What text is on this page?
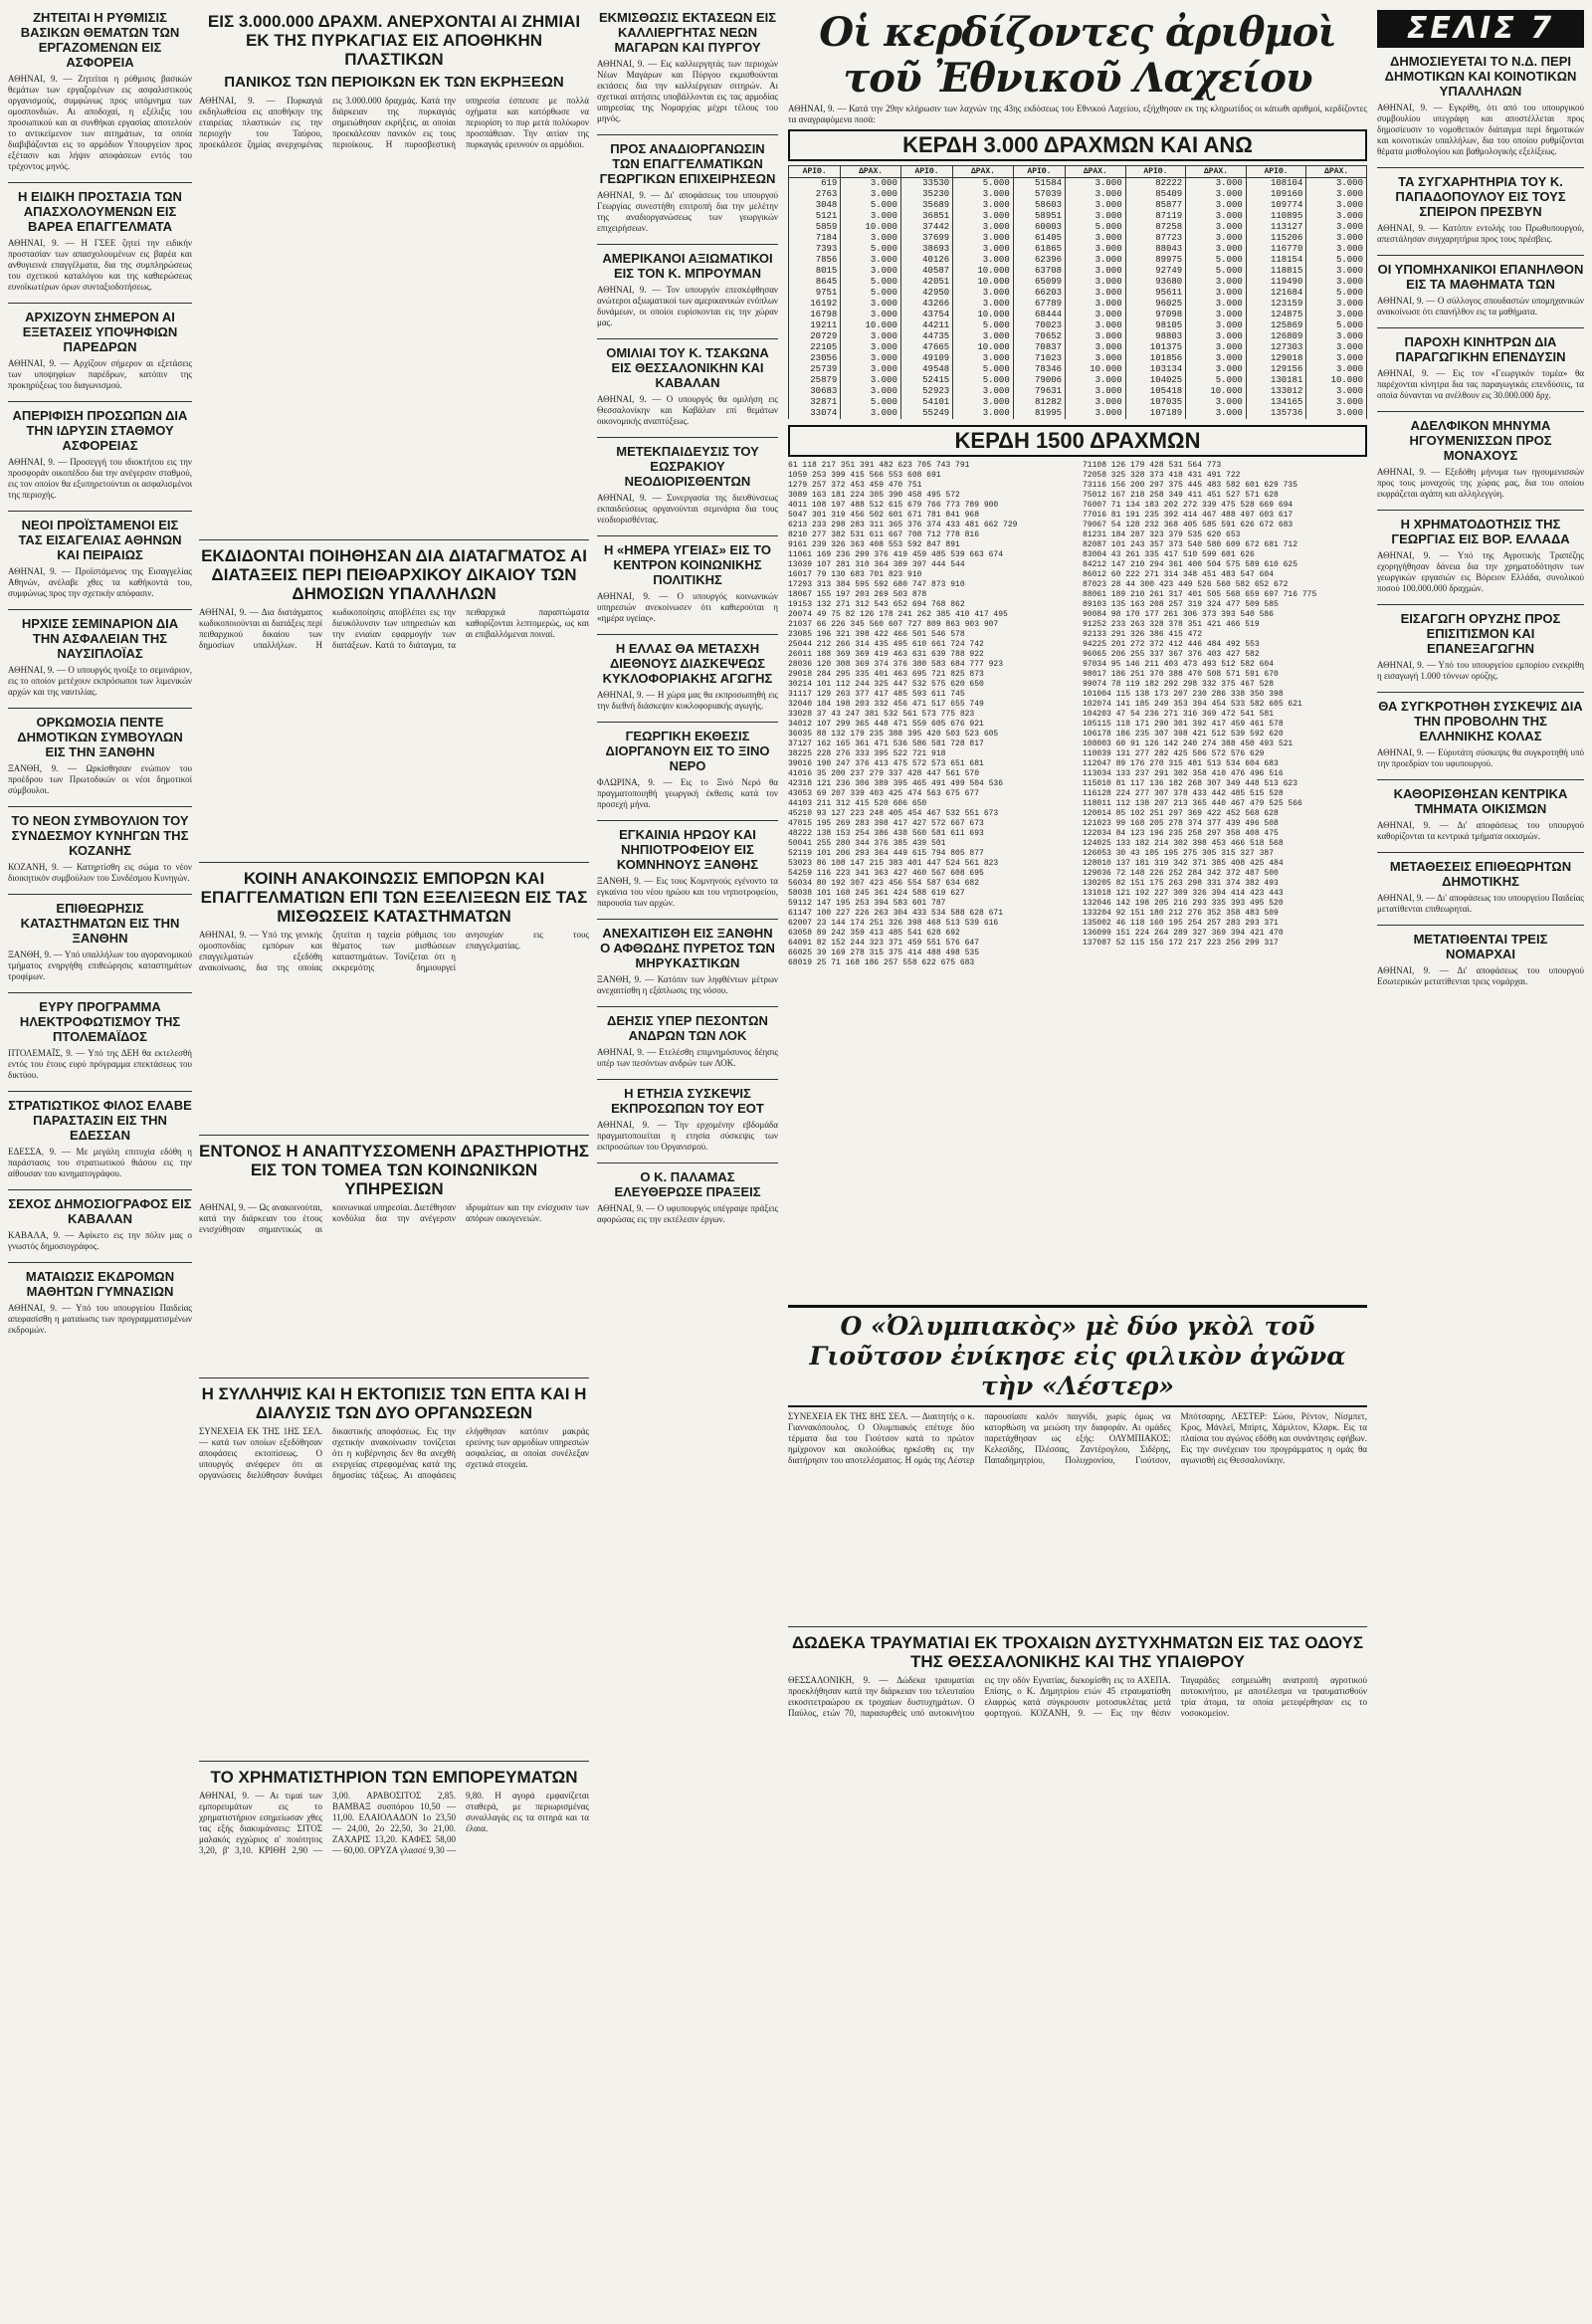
ΖΗΤΕΙΤΑΙ Η ΡΥΘΜΙΣΙΣ ΒΑΣΙΚΩΝ ΘΕΜΑΤΩΝ ΤΩΝ ΕΡΓΑΖΟΜΕΝΩΝ ΕΙΣ ΑΣΦΟΡΕΙΑ

ΑΘΗΝΑΙ, 9. — Ζητείται η ρύθμισις βασικών θεμάτων των εργαζομένων εις ασφαλιστικούς οργανισμούς, συμφώνως προς υπόμνημα των ομοσπονδιών. Αι αποδοχαί, η εξέλιξις του προσωπικού και αι συνθήκαι εργασίας αποτελούν το αντικείμενον των αιτημάτων, τα οποία διαβιβάζονται εις το αρμόδιον Υπουργείον προς εξέτασιν και λήψιν αποφάσεων εντός του τρέχοντος μηνός.

Η ΕΙΔΙΚΗ ΠΡΟΣΤΑΣΙΑ ΤΩΝ ΑΠΑΣΧΟΛΟΥΜΕΝΩΝ ΕΙΣ ΒΑΡΕΑ ΕΠΑΓΓΕΛΜΑΤΑ

ΑΘΗΝΑΙ, 9. — Η ΓΣΕΕ ζητεί την ειδικήν προστασίαν των απασχολουμένων εις βαρέα και ανθυγιεινά επαγγέλματα, δια της συμπληρώσεως του σχετικού καταλόγου και της καθιερώσεως ευνοϊκωτέρων όρων συνταξιοδοτήσεως.

ΑΡΧΙΖΟΥΝ ΣΗΜΕΡΟΝ ΑΙ ΕΞΕΤΑΣΕΙΣ ΥΠΟΨΗΦΙΩΝ ΠΑΡΕΔΡΩΝ

ΑΘΗΝΑΙ, 9. — Αρχίζουν σήμερον αι εξετάσεις των υποψηφίων παρέδρων, κατόπιν της προκηρύξεως του διαγωνισμού.

ΑΠΕΡΙΦΙΣΗ ΠΡΟΣΩΠΩΝ ΔΙΑ ΤΗΝ ΙΔΡΥΣΙΝ ΣΤΑΘΜΟΥ ΑΣΦΟΡΕΙΑΣ

ΑΘΗΝΑΙ, 9. — Προσεγγή του ιδιοκτήτου εις την προσφοράν οικοπέδου δια την ανέγερσιν σταθμού, εις τον οποίον θα εξυπηρετούνται οι ασφαλισμένοι της περιοχής.

ΝΕΟΙ ΠΡΟΪΣΤΑΜΕΝΟΙ ΕΙΣ ΤΑΣ ΕΙΣΑΓΕΛΙΑΣ ΑΘΗΝΩΝ ΚΑΙ ΠΕΙΡΑΙΩΣ

ΑΘΗΝΑΙ, 9. — Προϊστάμενος της Εισαγγελίας Αθηνών, ανέλαβε χθες τα καθήκοντά του, συμφώνως προς την σχετικήν απόφασιν.

ΗΡΧΙΣΕ ΣΕΜΙΝΑΡΙΟΝ ΔΙΑ ΤΗΝ ΑΣΦΑΛΕΙΑΝ ΤΗΣ ΝΑΥΣΙΠΛΟΪΑΣ

ΑΘΗΝΑΙ, 9. — Ο υπουργός ηνοίξε το σεμινάριον, εις το οποίον μετέχουν εκπρόσωποι των λιμενικών αρχών και της ναυτιλίας.

ΟΡΚΩΜΟΣΙΑ ΠΕΝΤΕ ΔΗΜΟΤΙΚΩΝ ΣΥΜΒΟΥΛΩΝ ΕΙΣ ΤΗΝ ΞΑΝΘΗΝ

ΞΑΝΘΗ, 9. — Ωρκίσθησαν ενώπιον του προέδρου των Πρωτοδικών οι νέοι δημοτικοί σύμβουλοι.

ΤΟ ΝΕΟΝ ΣΥΜΒΟΥΛΙΟΝ ΤΟΥ ΣΥΝΔΕΣΜΟΥ ΚΥΝΗΓΩΝ ΤΗΣ ΚΟΖΑΝΗΣ

ΚΟΖΑΝΗ, 9. — Κατηρτίσθη εις σώμα το νέον διοικητικόν συμβούλιον του Συνδέσμου Κυνηγών.

ΕΠΙΘΕΩΡΗΣΙΣ ΚΑΤΑΣΤΗΜΑΤΩΝ ΕΙΣ ΤΗΝ ΞΑΝΘΗΝ

ΞΑΝΘΗ, 9. — Υπό υπαλλήλων του αγορανομικού τμήματος ενηργήθη επιθεώρησις καταστημάτων τροφίμων.

ΕΥΡΥ ΠΡΟΓΡΑΜΜΑ ΗΛΕΚΤΡΟΦΩΤΙΣΜΟΥ ΤΗΣ ΠΤΟΛΕΜΑΪΔΟΣ

ΠΤΟΛΕΜΑΪΣ, 9. — Υπό της ΔΕΗ θα εκτελεσθή εντός του έτους ευρύ πρόγραμμα επεκτάσεως του δικτύου.

ΣΤΡΑΤΙΩΤΙΚΟΣ ΦΙΛΟΣ ΕΛΑΒΕ ΠΑΡΑΣΤΑΣΙΝ ΕΙΣ ΤΗΝ ΕΔΕΣΣΑΝ

ΕΔΕΣΣΑ, 9. — Με μεγάλη επιτυχία εδόθη η παράστασις του στρατιωτικού θιάσου εις την αίθουσαν του κινηματογράφου.

ΣΕΧΟΣ ΔΗΜΟΣΙΟΓΡΑΦΟΣ ΕΙΣ ΚΑΒΑΛΑΝ

ΚΑΒΑΛΑ, 9. — Αφίκετο εις την πόλιν μας ο γνωστός δημοσιογράφος.

ΜΑΤΑΙΩΣΙΣ ΕΚΔΡΟΜΩΝ ΜΑΘΗΤΩΝ ΓΥΜΝΑΣΙΩΝ

ΑΘΗΝΑΙ, 9. — Υπό του υπουργείου Παιδείας απεφασίσθη η ματαίωσις των προγραμματισμένων εκδρομών.

ΕΙΣ 3.000.000 ΔΡΑΧΜ. ΑΝΕΡΧΟΝΤΑΙ ΑΙ ΖΗΜΙΑΙ ΕΚ ΤΗΣ ΠΥΡΚΑΓΙΑΣ ΕΙΣ ΑΠΟΘΗΚΗΝ ΠΛΑΣΤΙΚΩΝ
ΠΑΝΙΚΟΣ ΤΩΝ ΠΕΡΙΟΙΚΩΝ ΕΚ ΤΩΝ ΕΚΡΗΞΕΩΝ
ΑΘΗΝΑΙ, 9. — Πυρκαγιά εκδηλωθείσα εις αποθήκην της εταιρείας πλαστικών εις την περιοχήν του Ταύρου, προεκάλεσε ζημίας ανερχομένας εις 3.000.000 δραχμάς. Κατά την διάρκειαν της πυρκαγιάς σημειώθησαν εκρήξεις, αι οποίαι προεκάλεσαν πανικόν εις τους περιοίκους. Η πυροσβεστική υπηρεσία έσπευσε με πολλά οχήματα και κατόρθωσε να περιορίση το πυρ μετά πολύωρον προσπάθειαν. Την αιτίαν της πυρκαγιάς ερευνούν οι αρμόδιοι.
ΕΚΔΙΔΟΝΤΑΙ ΠΟΙΗΘΗΣΑΝ ΔΙΑ ΔΙΑΤΑΓΜΑΤΟΣ ΑΙ ΔΙΑΤΑΞΕΙΣ ΠΕΡΙ ΠΕΙΘΑΡΧΙΚΟΥ ΔΙΚΑΙΟΥ ΤΩΝ ΔΗΜΟΣΙΩΝ ΥΠΑΛΛΗΛΩΝ
ΑΘΗΝΑΙ, 9. — Δια διατάγματος κωδικοποιούνται αι διατάξεις περί πειθαρχικού δικαίου των δημοσίων υπαλλήλων. Η κωδικοποίησις αποβλέπει εις την διευκόλυνσιν των υπηρεσιών και την ενιαίαν εφαρμογήν των διατάξεων. Κατά το διάταγμα, τα πειθαρχικά παραπτώματα καθορίζονται λεπτομερώς, ως και αι επιβαλλόμεναι ποιναί.
ΚΟΙΝΗ ΑΝΑΚΟΙΝΩΣΙΣ ΕΜΠΟΡΩΝ ΚΑΙ ΕΠΑΓΓΕΛΜΑΤΙΩΝ ΕΠΙ ΤΩΝ ΕΞΕΛΙΞΕΩΝ ΕΙΣ ΤΑΣ ΜΙΣΘΩΣΕΙΣ ΚΑΤΑΣΤΗΜΑΤΩΝ
ΑΘΗΝΑΙ, 9. — Υπό της γενικής ομοσπονδίας εμπόρων και επαγγελματιών εξεδόθη ανακοίνωσις, δια της οποίας ζητείται η ταχεία ρύθμισις του θέματος των μισθώσεων καταστημάτων. Τονίζεται ότι η εκκρεμότης δημιουργεί ανησυχίαν εις τους επαγγελματίας.
ΕΝΤΟΝΟΣ Η ΑΝΑΠΤΥΣΣΟΜΕΝΗ ΔΡΑΣΤΗΡΙΟΤΗΣ ΕΙΣ ΤΟΝ ΤΟΜΕΑ ΤΩΝ ΚΟΙΝΩΝΙΚΩΝ ΥΠΗΡΕΣΙΩΝ
ΑΘΗΝΑΙ, 9. — Ως ανακοινούται, κατά την διάρκειαν του έτους ενισχύθησαν σημαντικώς αι κοινωνικαί υπηρεσίαι. Διετέθησαν κονδύλια δια την ανέγερσιν ιδρυμάτων και την ενίσχυσιν των απόρων οικογενειών.
Η ΣΥΛΛΗΨΙΣ ΚΑΙ Η ΕΚΤΟΠΙΣΙΣ ΤΩΝ ΕΠΤΑ ΚΑΙ Η ΔΙΑΛΥΣΙΣ ΤΩΝ ΔΥΟ ΟΡΓΑΝΩΣΕΩΝ
ΣΥΝΕΧΕΙΑ ΕΚ ΤΗΣ 1ΗΣ ΣΕΛ. — κατά των οποίων εξεδόθησαν αποφάσεις εκτοπίσεως. Ο υπουργός ανέφερεν ότι αι οργανώσεις διελύθησαν δυνάμει δικαστικής αποφάσεως. Εις την σχετικήν ανακοίνωσιν τονίζεται ότι η κυβέρνησις δεν θα ανεχθή ενεργείας στρεφομένας κατά της δημοσίας τάξεως. Αι αποφάσεις ελήφθησαν κατόπιν μακράς ερεύνης των αρμοδίων υπηρεσιών ασφαλείας, αι οποίαι συνέλεξαν σχετικά στοιχεία.
ΤΟ ΧΡΗΜΑΤΙΣΤΗΡΙΟΝ ΤΩΝ ΕΜΠΟΡΕΥΜΑΤΩΝ
ΑΘΗΝΑΙ, 9. — Αι τιμαί των εμπορευμάτων εις το χρηματιστήριον εσημείωσαν χθες τας εξής διακυμάνσεις: ΣΙΤΟΣ μαλακός εγχώριος α' ποιότητος 3,20, β' 3,10. ΚΡΙΘΗ 2,90 — 3,00. ΑΡΑΒΟΣΙΤΟΣ 2,85. ΒΑΜΒΑΞ συσπόρου 10,50 — 11,00. ΕΛΑΙΟΛΑΔΟΝ 1ο 23,50 — 24,00, 2ο 22,50, 3ο 21,00. ΖΑΧΑΡΙΣ 13,20. ΚΑΦΕΣ 58,00 — 60,00. ΟΡΥΖΑ γλασσέ 9,30 — 9,80. Η αγορά εμφανίζεται σταθερά, με περιωρισμένας συναλλαγάς εις τα σιτηρά και τα έλαια.
ΕΚΜΙΣΘΩΣΙΣ ΕΚΤΑΣΕΩΝ ΕΙΣ ΚΑΛΛΙΕΡΓΗΤΑΣ ΝΕΩΝ ΜΑΓΑΡΩΝ ΚΑΙ ΠΥΡΓΟΥ

ΑΘΗΝΑΙ, 9. — Εις καλλιεργητάς των περιοχών Νέων Μαγάρων και Πύργου εκμισθούνται εκτάσεις δια την καλλιέργειαν σιτηρών. Αι σχετικαί αιτήσεις υποβάλλονται εις τας αρμοδίας υπηρεσίας της Νομαρχίας μέχρι τέλους του μηνός.

ΠΡΟΣ ΑΝΑΔΙΟΡΓΑΝΩΣΙΝ ΤΩΝ ΕΠΑΓΓΕΛΜΑΤΙΚΩΝ ΓΕΩΡΓΙΚΩΝ ΕΠΙΧΕΙΡΗΣΕΩΝ

ΑΘΗΝΑΙ, 9. — Δι' αποφάσεως του υπουργού Γεωργίας συνεστήθη επιτροπή δια την μελέτην της αναδιοργανώσεως των γεωργικών επιχειρήσεων.

ΑΜΕΡΙΚΑΝΟΙ ΑΞΙΩΜΑΤΙΚΟΙ ΕΙΣ ΤΟΝ Κ. ΜΠΡΟΥΜΑΝ

ΑΘΗΝΑΙ, 9. — Τον υπουργόν επεσκέφθησαν ανώτεροι αξιωματικοί των αμερικανικών ενόπλων δυνάμεων, οι οποίοι ευρίσκονται εις την χώραν μας.

ΟΜΙΛΙΑΙ ΤΟΥ Κ. ΤΣΑΚΩΝΑ ΕΙΣ ΘΕΣΣΑΛΟΝΙΚΗΝ ΚΑΙ ΚΑΒΑΛΑΝ

ΑΘΗΝΑΙ, 9. — Ο υπουργός θα ομιλήση εις Θεσσαλονίκην και Καβάλαν επί θεμάτων οικονομικής αναπτύξεως.

ΜΕΤΕΚΠΑΙΔΕΥΣΙΣ ΤΟΥ ΕΩΣΡΑΚΙΟΥ ΝΕΟΔΙΟΡΙΣΘΕΝΤΩΝ

ΑΘΗΝΑΙ, 9. — Συνεργασία της διευθύνσεως εκπαιδεύσεως οργανούνται σεμινάρια δια τους νεοδιορισθέντας.

Η «ΗΜΕΡΑ ΥΓΕΙΑΣ» ΕΙΣ ΤΟ ΚΕΝΤΡΟΝ ΚΟΙΝΩΝΙΚΗΣ ΠΟΛΙΤΙΚΗΣ

ΑΘΗΝΑΙ, 9. — Ο υπουργός κοινωνικών υπηρεσιών ανεκοίνωσεν ότι καθιερούται η «ημέρα υγείας».

Η ΕΛΛΑΣ ΘΑ ΜΕΤΑΣΧΗ ΔΙΕΘΝΟΥΣ ΔΙΑΣΚΕΨΕΩΣ ΚΥΚΛΟΦΟΡΙΑΚΗΣ ΑΓΩΓΗΣ

ΑΘΗΝΑΙ, 9. — Η χώρα μας θα εκπροσωπηθή εις την διεθνή διάσκεψιν κυκλοφοριακής αγωγής.

ΓΕΩΡΓΙΚΗ ΕΚΘΕΣΙΣ ΔΙΟΡΓΑΝΟΥΝ ΕΙΣ ΤΟ ΞΙΝΟ ΝΕΡΟ

ΦΛΩΡΙΝΑ, 9. — Εις το Ξινό Νερό θα πραγματοποιηθή γεωργική έκθεσις κατά τον προσεχή μήνα.

ΕΓΚΑΙΝΙΑ ΗΡΩΟΥ ΚΑΙ ΝΗΠΙΟΤΡΟΦΕΙΟΥ ΕΙΣ ΚΟΜΝΗΝΟΥΣ ΞΑΝΘΗΣ

ΞΑΝΘΗ, 9. — Εις τους Κομνηνούς εγένοντο τα εγκαίνια του νέου ηρώου και του νηπιοτροφείου, παρουσία των αρχών.

ΑΝΕΧΑΙΤΙΣΘΗ ΕΙΣ ΞΑΝΘΗΝ Ο ΑΦΘΩΔΗΣ ΠΥΡΕΤΟΣ ΤΩΝ ΜΗΡΥΚΑΣΤΙΚΩΝ

ΞΑΝΘΗ, 9. — Κατόπιν των ληφθέντων μέτρων ανεχαιτίσθη η εξάπλωσις της νόσου.

ΔΕΗΣΙΣ ΥΠΕΡ ΠΕΣΟΝΤΩΝ ΑΝΔΡΩΝ ΤΩΝ ΛΟΚ

ΑΘΗΝΑΙ, 9. — Ετελέσθη επιμνημόσυνος δέησις υπέρ των πεσόντων ανδρών των ΛΟΚ.

Η ΕΤΗΣΙΑ ΣΥΣΚΕΨΙΣ ΕΚΠΡΟΣΩΠΩΝ ΤΟΥ ΕΟΤ

ΑΘΗΝΑΙ, 9. — Την ερχομένην εβδομάδα πραγματοποιείται η ετησία σύσκεψις των εκπροσώπων του Οργανισμού.

Ο Κ. ΠΑΛΑΜΑΣ ΕΛΕΥΘΕΡΩΣΕ ΠΡΑΞΕΙΣ

ΑΘΗΝΑΙ, 9. — Ο υφυπουργός υπέγραψε πράξεις αφορώσας εις την εκτέλεσιν έργων.

Οἱ κερδίζοντες ἀριθμοὶ τοῦ Ἐθνικοῦ Λαχείου
ΑΘΗΝΑΙ, 9. — Κατά την 29ην κλήρωσιν των λαχνών της 43ης εκδόσεως του Εθνικού Λαχείου, εξήχθησαν εκ της κληρωτίδος οι κάτωθι αριθμοί, κερδίζοντες τα αναγραφόμενα ποσά:
ΚΕΡΔΗ 3.000 ΔΡΑΧΜΩΝ ΚΑΙ ΑΝΩ
ΑΡΙΘ.	ΔΡΑΧ.	ΑΡΙΘ.	ΔΡΑΧ.	ΑΡΙΘ.	ΔΡΑΧ.	ΑΡΙΘ.	ΔΡΑΧ.	ΑΡΙΘ.	ΔΡΑΧ.
619	3.000	33530	5.000	51584	3.000	82222	3.000	108104	3.000
2763	3.000	35230	3.000	57039	3.000	85409	3.000	109160	3.000
3048	5.000	35689	3.000	58603	3.000	85877	3.000	109774	3.000
5121	3.000	36851	3.000	58951	3.000	87119	3.000	110895	3.000
5859	10.000	37442	3.000	60003	5.000	87258	3.000	113127	3.000
7184	3.000	37699	3.000	61405	3.000	87723	3.000	115206	3.000
7393	5.000	38693	3.000	61865	3.000	88043	3.000	116770	3.000
7856	3.000	40126	3.000	62396	3.000	89975	5.000	118154	5.000
8015	3.000	40587	10.000	63708	3.000	92749	5.000	118815	3.000
8645	5.000	42051	10.000	65099	3.000	93680	3.000	119490	3.000
9751	5.000	42950	3.000	66203	3.000	95611	3.000	121684	5.000
16192	3.000	43266	3.000	67789	3.000	96025	3.000	123159	3.000
16798	3.000	43754	10.000	68444	3.000	97098	3.000	124875	3.000
19211	10.000	44211	5.000	70023	3.000	98105	3.000	125869	5.000
20729	3.000	44735	3.000	70652	3.000	98803	3.000	126809	3.000
22105	3.000	47665	10.000	70837	3.000	101375	3.000	127303	3.000
23056	3.000	49109	3.000	71023	3.000	101856	3.000	129018	3.000
25739	3.000	49548	5.000	78346	10.000	103134	3.000	129156	3.000
25879	3.000	52415	5.000	79006	3.000	104025	5.000	130181	10.000
30683	3.000	52923	3.000	79631	3.000	105418	10.000	133012	3.000
32871	5.000	54101	3.000	81282	3.000	107035	3.000	134165	3.000
33074	3.000	55249	3.000	81995	3.000	107189	3.000	135736	3.000
ΚΕΡΔΗ 1500 ΔΡΑΧΜΩΝ
61 118 217 351 391 482 623 705 743 791
1059 253 399 415 566 553 608 691
1279 257 372 453 459 470 751
3089 163 181 224 305 390 458 495 572
4011 108 197 488 512 615 679 766 773 789 900
5047 301 319 456 502 601 671 781 841 968
6213 233 298 283 311 365 376 374 433 481 662 729
8210 277 382 531 611 667 708 712 778 816
9161 239 326 363 408 553 592 847 891
11061 169 236 299 376 419 459 485 539 663 674
13039 107 281 310 364 389 397 444 544
16017 79 130 683 701 823 910
17293 313 384 595 592 680 747 873 910
18067 155 197 203 269 503 878
19153 132 271 312 543 652 694 768 862
20074 49 75 82 126 178 241 262 385 410 417 495
21037 66 226 345 560 607 727 809 863 903 907
23085 196 321 398 422 466 501 546 578
25044 212 266 314 435 495 610 661 724 742
26011 188 369 369 419 463 631 639 788 922
28036 120 308 369 374 376 380 583 684 777 923
29018 284 295 335 401 463 695 721 825 873
30214 101 112 244 325 447 532 575 620 650
31117 129 263 377 417 485 593 611 745
32040 184 198 203 332 456 471 517 655 749
33028 37 43 247 381 532 561 573 775 823
34012 107 299 365 448 471 559 605 676 921
36035 88 132 179 235 388 395 420 503 523 605
37127 162 165 361 471 536 586 581 728 817
38225 228 276 333 395 522 721 918
39016 190 247 376 413 475 572 573 651 681
41016 35 200 237 279 337 428 447 561 570
42318 121 236 306 389 395 465 491 499 504 536
43053 69 207 339 403 425 474 563 675 677
44103 211 312 415 520 606 650
45210 93 127 223 248 405 454 467 532 551 673
47015 195 269 283 398 417 427 572 667 673
48222 138 153 254 386 438 560 581 611 693
50041 255 280 344 376 385 439 501
52119 101 206 293 364 449 615 794 805 877
53023 86 108 147 215 383 401 447 524 561 823
54259 116 223 341 363 427 460 567 608 695
56034 80 192 307 423 456 554 587 634 682
58038 101 168 245 361 424 588 619 627
59112 147 195 253 394 583 601 787
61147 100 227 226 263 304 433 534 588 628 671
62007 23 144 174 251 326 398 468 513 539 616
63058 89 242 359 413 485 541 628 692
64091 82 152 244 323 371 459 551 576 647
66025 39 169 278 315 375 414 488 498 535
68019 25 71 168 186 257 558 622 675 683
71108 126 179 428 531 564 773
72058 325 328 373 418 431 491 722
73116 156 200 297 375 445 483 582 601 629 735
75012 167 218 258 349 411 451 527 571 628
76007 71 134 183 202 272 339 475 528 669 694
77016 81 191 235 392 414 467 488 497 603 617
79067 54 128 232 368 405 585 591 626 672 683
81231 184 287 323 379 535 620 653
82087 101 243 357 373 540 580 609 672 681 712
83004 43 261 335 417 510 599 601 626
84212 147 210 294 361 400 504 575 589 610 625
86012 60 222 271 314 348 451 483 547 604
87023 28 44 300 423 449 526 560 582 652 672
88061 189 210 261 317 401 505 568 659 697 716 775
89103 135 163 208 257 319 324 477 509 585
90084 98 170 177 261 306 373 393 540 586
91252 233 263 328 378 351 421 466 519
92133 291 326 386 415 472
94225 201 272 372 412 446 484 492 553
96065 206 255 337 367 376 403 427 582
97034 95 146 211 403 473 493 512 582 604
98017 186 251 370 388 470 508 571 591 670
99074 78 119 182 292 298 332 375 467 528
101004 115 138 173 207 230 286 338 350 398
102074 141 185 249 353 394 454 533 582 605 621
104203 47 54 236 271 316 369 472 541 581
105115 118 171 290 301 392 417 459 461 578
106178 186 235 307 398 421 512 539 592 620
108003 60 91 126 142 240 274 388 450 493 521
110039 131 277 282 425 506 572 576 629
112047 89 176 270 315 481 513 534 604 683
113034 133 237 291 302 358 410 476 496 516
115010 81 117 136 182 268 307 349 448 513 623
116128 224 277 307 378 433 442 485 515 528
118011 112 138 207 213 365 440 467 479 525 566
120014 85 102 251 297 369 422 452 568 628
121023 99 168 205 278 374 377 439 496 508
122034 84 123 196 235 258 297 358 408 475
124025 133 182 214 302 398 453 466 518 568
126053 30 43 105 195 275 305 315 327 387
128010 137 181 319 342 371 385 408 425 484
129036 72 148 226 252 284 342 372 487 500
130205 82 151 175 263 298 331 374 382 493
131018 121 192 227 309 326 394 414 423 443
132046 142 198 205 216 293 335 393 495 520
133204 92 151 180 212 276 352 358 483 509
135002 46 118 160 195 254 257 283 293 371
136099 151 224 264 289 327 369 394 421 470
137087 52 115 156 172 217 223 256 299 317
Ο «Ὀλυμπιακὸς» μὲ δύο γκὸλ τοῦ Γιοῦτσον ἐνίκησε εἰς φιλικὸν ἀγῶνα τὴν «Λέστερ»
ΣΥΝΕΧΕΙΑ ΕΚ ΤΗΣ 8ΗΣ ΣΕΛ. — Διαιτητής ο κ. Γιαννακόπουλος. Ο Ολυμπιακός επέτυχε δύο τέρματα δια του Γιούτσον κατά το πρώτον ημίχρονον και ακολούθως ηρκέσθη εις την διατήρησιν του αποτελέσματος. Η ομάς της Λέστερ παρουσίασε καλόν παιγνίδι, χωρίς όμως να κατορθώση να μειώση την διαφοράν. Αι ομάδες παρετάχθησαν ως εξής: ΟΛΥΜΠΙΑΚΟΣ: Κελεσίδης, Πλέσσας, Ζαντέρογλου, Σιδέρης, Παπαδημητρίου, Πολυχρονίου, Γιούτσον, Μπότσαρης. ΛΕΣΤΕΡ: Σώου, Ρέντον, Νίσμπετ, Κρος, Μάνλεϊ, Μπίρτς, Χάμιλτον, Κλαρκ. Εις τα πλαίσια του αγώνος εδόθη και συνάντησις εφήβων. Εις την συνέχειαν του προγράμματος η ομάς θα αγωνισθή εις Θεσσαλονίκην.
ΔΩΔΕΚΑ ΤΡΑΥΜΑΤΙΑΙ ΕΚ ΤΡΟΧΑΙΩΝ ΔΥΣΤΥΧΗΜΑΤΩΝ ΕΙΣ ΤΑΣ ΟΔΟΥΣ ΤΗΣ ΘΕΣΣΑΛΟΝΙΚΗΣ ΚΑΙ ΤΗΣ ΥΠΑΙΘΡΟΥ
ΘΕΣΣΑΛΟΝΙΚΗ, 9. — Δώδεκα τραυματίαι προεκλήθησαν κατά την διάρκειαν του τελευταίου εικοσιτετραώρου εκ τροχαίων δυστυχημάτων. Ο Παύλος, ετών 70, παρασυρθείς υπό αυτοκινήτου εις την οδόν Εγνατίας, διεκομίσθη εις το ΑΧΕΠΑ. Επίσης, ο Κ. Δημητρίου ετών 45 ετραυματίσθη ελαφρώς κατά σύγκρουσιν μοτοσυκλέτας μετά φορτηγού. ΚΟΖΑΝΗ, 9. — Εις την θέσιν Ταγαράδες εσημειώθη ανατροπή αγροτικού αυτοκινήτου, με αποτέλεσμα να τραυματισθούν τρία άτομα, τα οποία μετεφέρθησαν εις το νοσοκομείον.
ΣΕΛΙΣ 7
ΔΗΜΟΣΙΕΥΕΤΑΙ ΤΟ Ν.Δ. ΠΕΡΙ ΔΗΜΟΤΙΚΩΝ ΚΑΙ ΚΟΙΝΟΤΙΚΩΝ ΥΠΑΛΛΗΛΩΝ

ΑΘΗΝΑΙ, 9. — Εγκρίθη, ότι από του υπουργικού συμβουλίου υπεγράφη και αποστέλλεται προς δημοσίευσιν το νομοθετικόν διάταγμα περί δημοτικών και κοινοτικών υπαλλήλων, δια του οποίου ρυθμίζονται θέματα μισθολογίου και βαθμολογικής εξελίξεως.

ΤΑ ΣΥΓΧΑΡΗΤΗΡΙΑ ΤΟΥ Κ. ΠΑΠΑΔΟΠΟΥΛΟΥ ΕΙΣ ΤΟΥΣ ΣΠΕΙΡΟΝ ΠΡΕΣΒΥΝ

ΑΘΗΝΑΙ, 9. — Κατόπιν εντολής του Πρωθυπουργού, απεστάλησαν συγχαρητήρια προς τους πρέσβεις.

ΟΙ ΥΠΟΜΗΧΑΝΙΚΟΙ ΕΠΑΝΗΛΘΟΝ ΕΙΣ ΤΑ ΜΑΘΗΜΑΤΑ ΤΩΝ

ΑΘΗΝΑΙ, 9. — Ο σύλλογος σπουδαστών υπομηχανικών ανακοίνωσε ότι επανήλθον εις τα μαθήματα.

ΠΑΡΟΧΗ ΚΙΝΗΤΡΩΝ ΔΙΑ ΠΑΡΑΓΩΓΙΚΗΝ ΕΠΕΝΔΥΣΙΝ

ΑΘΗΝΑΙ, 9. — Εις τον «Γεωργικόν τομέα» θα παρέχονται κίνητρα δια τας παραγωγικάς επενδύσεις, τα οποία δύνανται να ανέλθουν εις 30.000.000 δρχ.

ΑΔΕΛΦΙΚΟΝ ΜΗΝΥΜΑ ΗΓΟΥΜΕΝΙΣΣΩΝ ΠΡΟΣ ΜΟΝΑΧΟΥΣ

ΑΘΗΝΑΙ, 9. — Εξεδόθη μήνυμα των ηγουμενισσών προς τους μοναχούς της χώρας μας, δια του οποίου εκφράζεται αγάπη και αλληλεγγύη.

Η ΧΡΗΜΑΤΟΔΟΤΗΣΙΣ ΤΗΣ ΓΕΩΡΓΙΑΣ ΕΙΣ ΒΟΡ. ΕΛΛΑΔΑ

ΑΘΗΝΑΙ, 9. — Υπό της Αγροτικής Τραπέζης εχορηγήθησαν δάνεια δια την χρηματοδότησιν των γεωργικών εργασιών εις Βόρειον Ελλάδα, συνολικού ποσού 100.000.000 δραχμών.

ΕΙΣΑΓΩΓΗ ΟΡΥΖΗΣ ΠΡΟΣ ΕΠΙΣΙΤΙΣΜΟΝ ΚΑΙ ΕΠΑΝΕΞΑΓΩΓΗΝ

ΑΘΗΝΑΙ, 9. — Υπό του υπουργείου εμπορίου ενεκρίθη η εισαγωγή 1.000 τόννων ορύζης.

ΘΑ ΣΥΓΚΡΟΤΗΘΗ ΣΥΣΚΕΨΙΣ ΔΙΑ ΤΗΝ ΠΡΟΒΟΛΗΝ ΤΗΣ ΕΛΛΗΝΙΚΗΣ ΚΟΛΑΣ

ΑΘΗΝΑΙ, 9. — Εύρυτάτη σύσκεψις θα συγκροτηθή υπό την προεδρίαν του υφυπουργού.

ΚΑΘΟΡΙΣΘΗΣΑΝ ΚΕΝΤΡΙΚΑ ΤΜΗΜΑΤΑ ΟΙΚΙΣΜΩΝ

ΑΘΗΝΑΙ, 9. — Δι' αποφάσεως του υπουργού καθορίζονται τα κεντρικά τμήματα οικισμών.

ΜΕΤΑΘΕΣΕΙΣ ΕΠΙΘΕΩΡΗΤΩΝ ΔΗΜΟΤΙΚΗΣ

ΑΘΗΝΑΙ, 9. — Δι' αποφάσεως του υπουργείου Παιδείας μετατίθενται επιθεωρηταί.

ΜΕΤΑΤΙΘΕΝΤΑΙ ΤΡΕΙΣ ΝΟΜΑΡΧΑΙ

ΑΘΗΝΑΙ, 9. — Δι' αποφάσεως του υπουργού Εσωτερικών μετατίθενται τρεις νομάρχαι.
